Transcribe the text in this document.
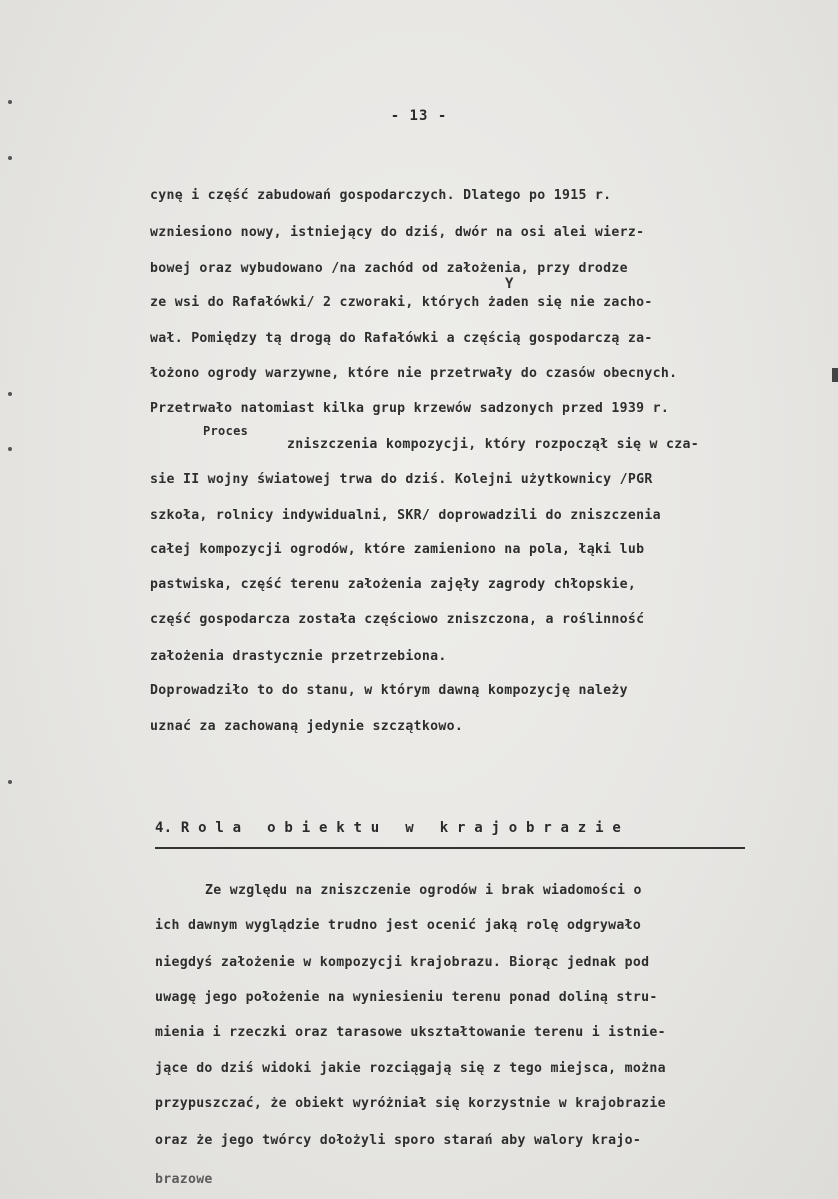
- 13 -
cynę i część zabudowań gospodarczych. Dlatego po 1915 r.
wzniesiono nowy, istniejący do dziś, dwór na osi alei wierz-
bowej oraz wybudowano /na zachód od założenia, przy drodze
ze wsi do Rafałówki/ 2 czworaki, których żaden się nie zacho-
wał. Pomiędzy tą drogą do Rafałówki a częścią gospodarczą za-
łożono ogrody warzywne, które nie przetrwały do czasów obecnych.
Przetrwało natomiast kilka grup krzewów sadzonych przed 1939 r.
Y
Proces
zniszczenia kompozycji, który rozpoczął się w cza-
sie II wojny światowej trwa do dziś. Kolejni użytkownicy /PGR
szkoła, rolnicy indywidualni, SKR/ doprowadzili do zniszczenia
całej kompozycji ogrodów, które zamieniono na pola, łąki lub
pastwiska, część terenu założenia zajęły zagrody chłopskie,
część gospodarcza została częściowo zniszczona, a roślinność
założenia drastycznie przetrzebiona.
Doprowadziło to do stanu, w którym dawną kompozycję należy
uznać za zachowaną jedynie szczątkowo.
4. R o l a   o b i e k t u   w   k r a j o b r a z i e
Ze względu na zniszczenie ogrodów i brak wiadomości o
ich dawnym wyglądzie trudno jest ocenić jaką rolę odgrywało
niegdyś założenie w kompozycji krajobrazu. Biorąc jednak pod
uwagę jego położenie na wyniesieniu terenu ponad doliną stru-
mienia i rzeczki oraz tarasowe ukształtowanie terenu i istnie-
jące do dziś widoki jakie rozciągają się z tego miejsca, można
przypuszczać, że obiekt wyróżniał się korzystnie w krajobrazie
oraz że jego twórcy dołożyli sporo starań aby walory krajo-
brazowe
